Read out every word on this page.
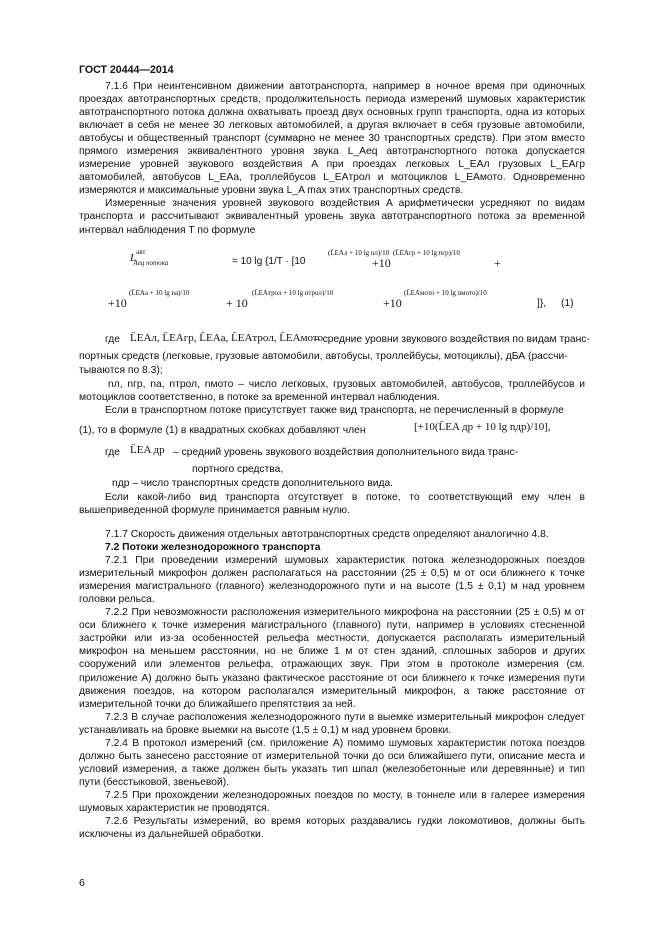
ГОСТ 20444—2014

7.1.6 При неинтенсивном движении автотранспорта, например в ночное время при одиночных проездах автотранспортных средств, продолжительность периода измерений шумовых характеристик автотранспортного потока должна охватывать проезд двух основных групп транспорта, одна из которых включает в себя не менее 30 легковых автомобилей, а другая включает в себя грузовые автомобили, автобусы и общественный транспорт (суммарно не менее 30 транспортных средств). При этом вместо прямого измерения эквивалентного уровня звука L_Aeq автотранспортного потока допускается измерение уровней звукового воздействия A при проездах легковых L_EAл грузовых L_EAгр автомобилей, автобусов L_EAа, троллейбусов L_EAтрол и мотоциклов L_EAмото. Одновременно измеряются и максимальные уровни звука L_A max этих транспортных средств.

Измеренные значения уровней звукового воздействия A арифметически усредняют по видам транспорта и рассчитывают эквивалентный уровень звука автотранспортного потока за временной интервал наблюдения T по формуле

$L^{авт}_{Aeq потока}$	= 10 lg {1/T · [10
(L̄EAл + 10 lg nл)/10
+10
(L̄EAгр + 10 lg nгр)/10
+
+10
(L̄EAа + 10 lg nа)/10
+ 10
(L̄EAтрол + 10 lg nтрол)/10
+10
(L̄EAмото + 10 lg nмото)/10
]}, (1)
где L̄EAл, L̄EAгр, L̄EAа, L̄EAтрол, L̄EAмото
– средние уровни звукового воздействия по видам транс-
портных средств (легковые, грузовые автомобили, автобусы, троллейбусы, мотоциклы), дБА (рассчи-
тываются по 8.3);

nл, nгр, nа, nтрол, nмото – число легковых, грузовых автомобилей, автобусов, троллейбусов и мотоциклов соответственно, в потоке за временной интервал наблюдения.

Если в транспортном потоке присутствует также вид транспорта, не перечисленный в формуле

(1), то в формуле (1) в квадратных скобках добавляют член	[+10(L̄EA др + 10 lg nдр)/10],
где L̄EA др – средний уровень звукового воздействия дополнительного вида транс-
портного средства,
nдр – число транспортных средств дополнительного вида.

Если какой-либо вид транспорта отсутствует в потоке, то соответствующий ему член в вышеприведенной формуле принимается равным нулю.

7.1.7 Скорость движения отдельных автотранспортных средств определяют аналогично 4.8.

7.2 Потоки железнодорожного транспорта

7.2.1 При проведении измерений шумовых характеристик потока железнодорожных поездов измерительный микрофон должен располагаться на расстоянии (25 ± 0,5) м от оси ближнего к точке измерения магистрального (главного) железнодорожного пути и на высоте (1,5 ± 0,1) м над уровнем головки рельса.

7.2.2 При невозможности расположения измерительного микрофона на расстоянии (25 ± 0,5) м от оси ближнего к точке измерения магистрального (главного) пути, например в условиях стесненной застройки или из-за особенностей рельефа местности, допускается располагать измерительный микрофон на меньшем расстоянии, но не ближе 1 м от стен зданий, сплошных заборов и других сооружений или элементов рельефа, отражающих звук. При этом в протоколе измерения (см. приложение А) должно быть указано фактическое расстояние от оси ближнего к точке измерения пути движения поездов, на котором располагался измерительный микрофон, а также расстояние от измерительной точки до ближайшего препятствия за ней.

7.2.3 В случае расположения железнодорожного пути в выемке измерительный микрофон следует устанавливать на бровке выемки на высоте (1,5 ± 0,1) м над уровнем бровки.

7.2.4 В протокол измерений (см. приложение А) помимо шумовых характеристик потока поездов должно быть занесено расстояние от измерительной точки до оси ближайшего пути, описание места и условий измерения, а также должен быть указать тип шпал (железобетонные или деревянные) и тип пути (бесстыковой, звеньевой).

7.2.5 При прохождении железнодорожных поездов по мосту, в тоннеле или в галерее измерения шумовых характеристик не проводятся.

7.2.6 Результаты измерений, во время которых раздавались гудки локомотивов, должны быть исключены из дальнейшей обработки.

6
